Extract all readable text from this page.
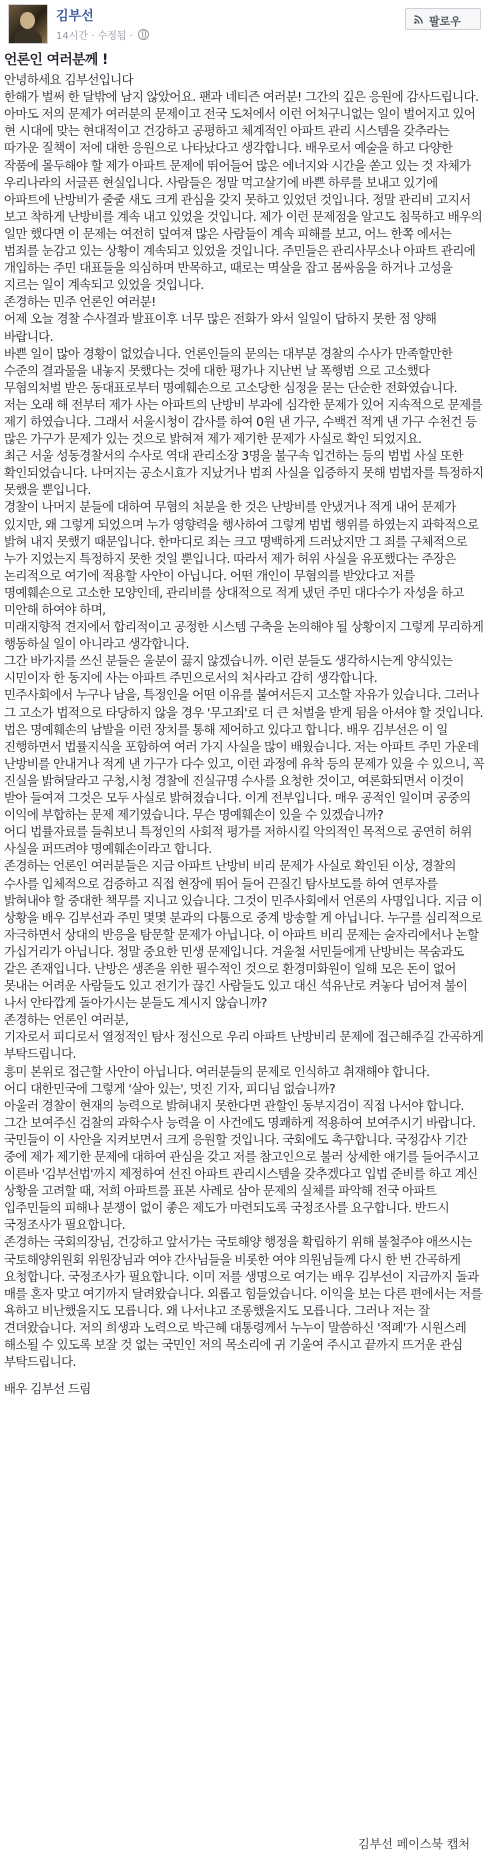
김부선
14시간 · 수정됨 ·
팔로우

언론인 여러분께 !

안녕하세요 김부선입니다

한해가 벌써 한 달밖에 남지 않았어요. 팬과 네티즌 여러분! 그간의 깊은 응원에 감사드립니다. 아마도 저의 문제가 여러분의 문제이고 전국 도처에서 이런 어처구니없는 일이 벌어지고 있어 현 시대에 맞는 현대적이고 건강하고 공평하고 체계적인 아파트 관리 시스템을 갖추라는 따가운 질책이 저에 대한 응원으로 나타났다고 생각합니다. 배우로서 예술을 하고 다양한 작품에 몰두해야 할 제가 아파트 문제에 뛰어들어 많은 에너지와 시간을 쏟고 있는 것 자체가 우리나라의 서글픈 현실입니다. 사람들은 정말 먹고살기에 바쁜 하루를 보내고 있기에 아파트에 난방비가 줄줄 새도 크게 관심을 갖지 못하고 있었던 것입니다. 정말 관리비 고지서 보고 착하게 난방비를 계속 내고 있었을 것입니다. 제가 이런 문제점을 알고도 침묵하고 배우의 일만 했다면 이 문제는 여전히 덮여져 많은 사람들이 계속 피해를 보고, 어느 한쪽 에서는 범죄를 눈감고 있는 상황이 계속되고 있었을 것입니다. 주민들은 관리사무소나 아파트 관리에 개입하는 주민 대표들을 의심하며 반목하고, 때로는 멱살을 잡고 몸싸움을 하거나 고성을 지르는 일이 계속되고 있었을 것입니다.

존경하는 민주 언론인 여러분!

어제 오늘 경찰 수사결과 발표이후 너무 많은 전화가 와서 일일이 답하지 못한 점 양해 바랍니다.

바쁜 일이 많아 경황이 없었습니다. 언론인들의 문의는 대부분 경찰의 수사가 만족할만한 수준의 결과물을 내놓지 못했다는 것에 대한 평가나 지난번 날 폭행범 으로 고소했다 무혐의처벌 받은 동대표로부터 명예훼손으로 고소당한 심정을 묻는 단순한 전화였습니다.

저는 오래 해 전부터 제가 사는 아파트의 난방비 부과에 심각한 문제가 있어 지속적으로 문제를 제기 하였습니다. 그래서 서울시청이 감사를 하여 0원 낸 가구, 수백건 적게 낸 가구 수천건 등 많은 가구가 문제가 있는 것으로 밝혀져 제가 제기한 문제가 사실로 확인 되었지요.

최근 서울 성동경찰서의 수사로 역대 관리소장 3명을 불구속 입건하는 등의 범법 사실 또한 확인되었습니다. 나머지는 공소시효가 지났거나 범죄 사실을 입증하지 못해 범법자를 특정하지 못했을 뿐입니다.

경찰이 나머지 분들에 대하여 무혐의 처분을 한 것은 난방비를 안냈거나 적게 내어 문제가 있지만, 왜 그렇게 되었으며 누가 영향력을 행사하여 그렇게 범법 행위를 하였는지 과학적으로 밝혀 내지 못했기 때문입니다. 한마디로 죄는 크고 명백하게 드러났지만 그 죄를 구체적으로 누가 지었는지 특정하지 못한 것일 뿐입니다. 따라서 제가 허위 사실을 유포했다는 주장은 논리적으로 여기에 적용할 사안이 아닙니다. 어떤 개인이 무혐의를 받았다고 저를 명예훼손으로 고소한 모양인데, 관리비를 상대적으로 적게 냈던 주민 대다수가 자성을 하고 미안해 하여야 하며,

미래지향적 견지에서 합리적이고 공정한 시스템 구축을 논의해야 될 상황이지 그렇게 무리하게 행동하실 일이 아니라고 생각합니다.

그간 바가지를 쓰신 분들은 울분이 끓지 않겠습니까. 이런 분들도 생각하시는게 양식있는 시민이자 한 동지에 사는 아파트 주민으로서의 처사라고 감히 생각합니다.

민주사회에서 누구나 남을, 특정인을 어떤 이유를 붙여서든지 고소할 자유가 있습니다. 그러나 그 고소가 법적으로 타당하지 않을 경우 '무고죄'로 더 큰 처벌을 받게 됨을 아셔야 할 것입니다. 법은 명예훼손의 남발을 이런 장치를 통해 제어하고 있다고 합니다. 배우 김부선은 이 일 진행하면서 법률지식을 포함하여 여러 가지 사실을 많이 배웠습니다. 저는 아파트 주민 가운데 난방비를 안내거나 적게 낸 가구가 다수 있고, 이런 과정에 유착 등의 문제가 있을 수 있으니, 꼭 진실을 밝혀달라고 구청,시청 경찰에 진실규명 수사를 요청한 것이고, 여론화되면서 이것이 받아 들여져 그것은 모두 사실로 밝혀졌습니다. 이게 전부입니다. 매우 공적인 일이며 공중의 이익에 부합하는 문제 제기였습니다. 무슨 명예훼손이 있을 수 있겠습니까?

어디 법률자료를 들춰보니 특정인의 사회적 평가를 저하시킬 악의적인 목적으로 공연히 허위 사실을 퍼뜨려야 명예훼손이라고 합니다.

존경하는 언론인 여러분들은 지금 아파트 난방비 비리 문제가 사실로 확인된 이상, 경찰의 수사를 입체적으로 검증하고 직접 현장에 뛰어 들어 끈질긴 탐사보도를 하여 연루자를 밝혀내야 할 중대한 책무를 지니고 있습니다. 그것이 민주사회에서 언론의 사명입니다. 지금 이 상황을 배우 김부선과 주민 몇몇 분과의 다툼으로 중계 방송할 게 아닙니다. 누구를 심리적으로 자극하면서 상대의 반응을 탐문할 문제가 아닙니다. 이 아파트 비리 문제는 술자리에서나 논할 가십거리가 아닙니다. 정말 중요한 민생 문제입니다. 겨울철 서민들에게 난방비는 목숨과도 같은 존재입니다. 난방은 생존을 위한 필수적인 것으로 환경미화원이 일해 모은 돈이 없어 못내는 어려운 사람들도 있고 전기가 끊긴 사람들도 있고 대신 석유난로 켜놓다 넘어져 불이 나서 안타깝게 돌아가시는 분들도 계시지 않습니까?

존경하는 언론인 여러분,

기자로서 피디로서 열정적인 탐사 정신으로 우리 아파트 난방비리 문제에 접근해주길 간곡하게 부탁드립니다.

흥미 본위로 접근할 사안이 아닙니다. 여러분들의 문제로 인식하고 취재해야 합니다.

어디 대한민국에 그렇게 '살아 있는', 멋진 기자, 피디님 없습니까?

아울러 경찰이 현재의 능력으로 밝혀내지 못한다면 관할인 동부지검이 직접 나서야 합니다. 그간 보여주신 검찰의 과학수사 능력을 이 사건에도 명쾌하게 적용하여 보여주시기 바랍니다. 국민들이 이 사안을 지켜보면서 크게 응원할 것입니다. 국회에도 촉구합니다. 국정감사 기간 중에 제가 제기한 문제에 대하여 관심을 갖고 저를 참고인으로 불러 상세한 얘기를 들어주시고 이른바 '김부선법'까지 제정하여 선진 아파트 관리시스템을 갖추겠다고 입법 준비를 하고 계신 상황을 고려할 때, 저희 아파트를 표본 사례로 삼아 문제의 실체를 파악해 전국 아파트 입주민들의 피해나 분쟁이 없이 좋은 제도가 마련되도록 국정조사를 요구합니다. 반드시 국정조사가 필요합니다.

존경하는 국회의장님, 건강하고 앞서가는 국토해양 행정을 확립하기 위해 불철주야 애쓰시는 국토해양위원회 위원장님과 여야 간사님들을 비롯한 여야 의원님들께 다시 한 번 간곡하게 요청합니다. 국정조사가 필요합니다. 이미 저를 생명으로 여기는 배우 김부선이 지금까지 돌과 매를 혼자 맞고 여기까지 달려왔습니다. 외롭고 힘들었습니다. 이익을 보는 다른 편에서는 저를 욕하고 비난했을지도 모릅니다. 왜 나서냐고 조롱했을지도 모릅니다. 그러나 저는 잘 견뎌왔습니다. 저의 희생과 노력으로 박근혜 대통령께서 누누이 말씀하신 '적폐'가 시원스레 해소될 수 있도록 보잘 것 없는 국민인 저의 목소리에 귀 기울여 주시고 끝까지 뜨거운 관심 부탁드립니다.

배우 김부선 드림

김부선 페이스북 캡처
